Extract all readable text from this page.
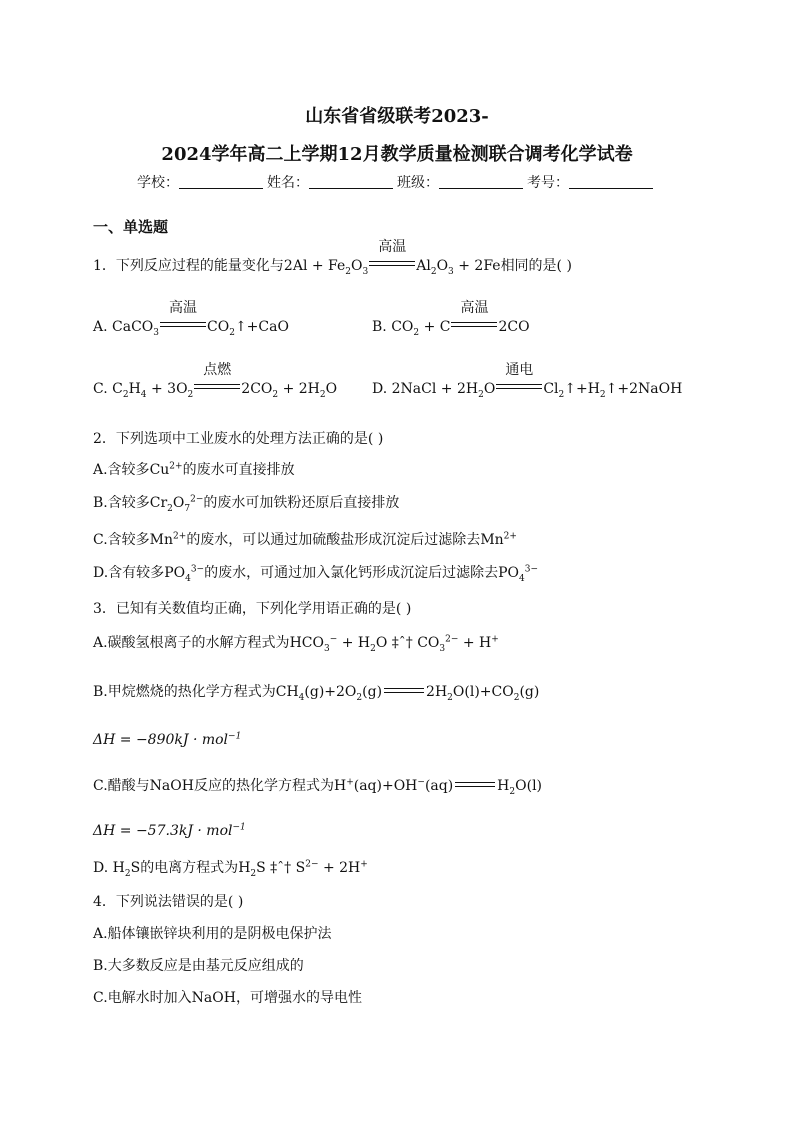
山东省省级联考2023-
2024学年高二上学期12月教学质量检测联合调考化学试卷
学校：	姓名：	班级：	考号：
一、单选题
1．下列反应过程的能量变化与$2Al + Fe_2O_3$
高温
$Al_2O_3 + 2Fe$相同的是( )
A. CaCO$_3$
高温
$CO_2↑+CaO$	B. $CO_2 + C$
高温
2CO
C. $C_2H_4 + 3O_2$
点燃
$2CO_2 + 2H_2O$ D. 2NaCl + $2H_2O$
通电
$Cl_2↑+H_2↑+2NaOH$
2．下列选项中工业废水的处理方法正确的是( )
A.含较多$Cu^{2+}$的废水可直接排放
B.含较多$Cr_2O_7^{2-}$的废水可加铁粉还原后直接排放
C.含较多$Mn^{2+}$的废水，可以通过加硫酸盐形成沉淀后过滤除去$Mn^{2+}$
D.含有较多$PO_4^{3-}$的废水，可通过加入氯化钙形成沉淀后过滤除去$PO_4^{3-}$
3．已知有关数值均正确，下列化学用语正确的是( )
A.碳酸氢根离子的水解方程式为$HCO_3^- + H_2O$ ‡ˆ† $CO_3^{2-} + H^+$
B.甲烷燃烧的热化学方程式为$CH_4(g)+2O_2(g)$	$2H_2O(l)+CO_2(g)$
ΔH = −890kJ · mol$^{-1}$
C.醋酸与NaOH反应的热化学方程式为H+(aq)+OH−(aq)	$H_2O(l)$
ΔH = −57.3kJ · mol$^{-1}$
D. $H_2S$的电离方程式为$H_2S$ ‡ˆ† $S^{2-} + 2H^+$
4．下列说法错误的是( )
A.船体镶嵌锌块利用的是阴极电保护法
B.大多数反应是由基元反应组成的
C.电解水时加入NaOH，可增强水的导电性
